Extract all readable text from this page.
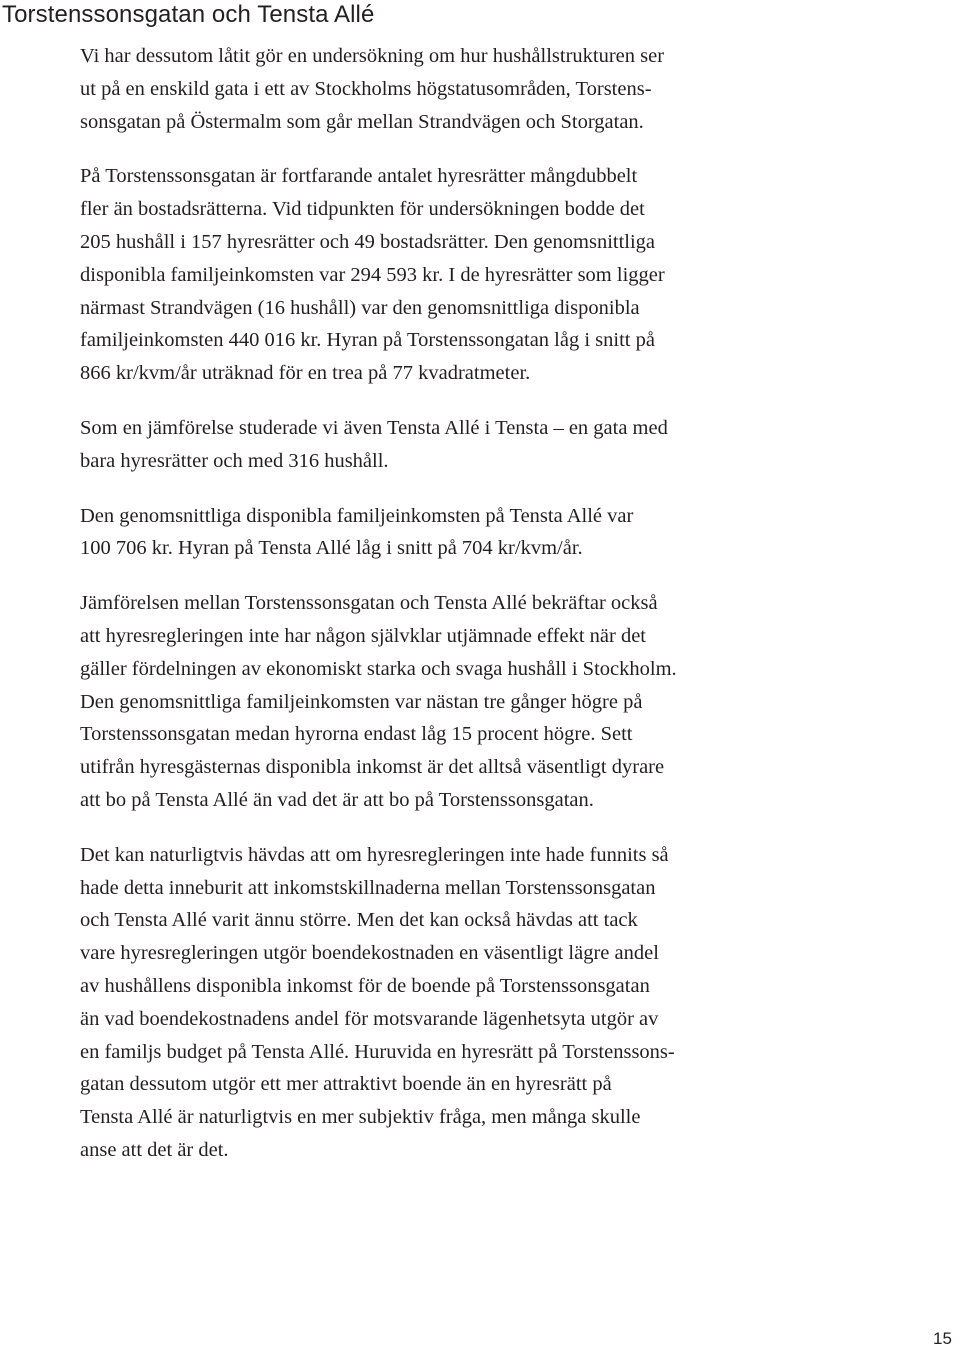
Torstenssonsgatan och Tensta Allé

Vi har dessutom låtit gör en undersökning om hur hushållstrukturen ser
ut på en enskild gata i ett av Stockholms högstatusområden, Torstens-
sonsgatan på Östermalm som går mellan Strandvägen och Storgatan.

På Torstenssonsgatan är fortfarande antalet hyresrätter mångdubbelt
fler än bostadsrätterna. Vid tidpunkten för undersökningen bodde det
205 hushåll i 157 hyresrätter och 49 bostadsrätter. Den genomsnittliga
disponibla familjeinkomsten var 294 593 kr. I de hyresrätter som ligger
närmast Strandvägen (16 hushåll) var den genomsnittliga disponibla
familjeinkomsten 440 016 kr. Hyran på Torstenssongatan låg i snitt på
866 kr/kvm/år uträknad för en trea på 77 kvadratmeter.

Som en jämförelse studerade vi även Tensta Allé i Tensta – en gata med
bara hyresrätter och med 316 hushåll.

Den genomsnittliga disponibla familjeinkomsten på Tensta Allé var
100 706 kr. Hyran på Tensta Allé låg i snitt på 704 kr/kvm/år.

Jämförelsen mellan Torstenssonsgatan och Tensta Allé bekräftar också
att hyresregleringen inte har någon självklar utjämnade effekt när det
gäller fördelningen av ekonomiskt starka och svaga hushåll i Stockholm.
Den genomsnittliga familjeinkomsten var nästan tre gånger högre på
Torstenssonsgatan medan hyrorna endast låg 15 procent högre. Sett
utifrån hyresgästernas disponibla inkomst är det alltså väsentligt dyrare
att bo på Tensta Allé än vad det är att bo på Torstenssonsgatan.

Det kan naturligtvis hävdas att om hyresregleringen inte hade funnits så
hade detta inneburit att inkomstskillnaderna mellan Torstenssonsgatan
och Tensta Allé varit ännu större. Men det kan också hävdas att tack
vare hyresregleringen utgör boendekostnaden en väsentligt lägre andel
av hushållens disponibla inkomst för de boende på Torstenssonsgatan
än vad boendekostnadens andel för motsvarande lägenhetsyta utgör av
en familjs budget på Tensta Allé. Huruvida en hyresrätt på Torstenssons-
gatan dessutom utgör ett mer attraktivt boende än en hyresrätt på
Tensta Allé är naturligtvis en mer subjektiv fråga, men många skulle
anse att det är det.

15
